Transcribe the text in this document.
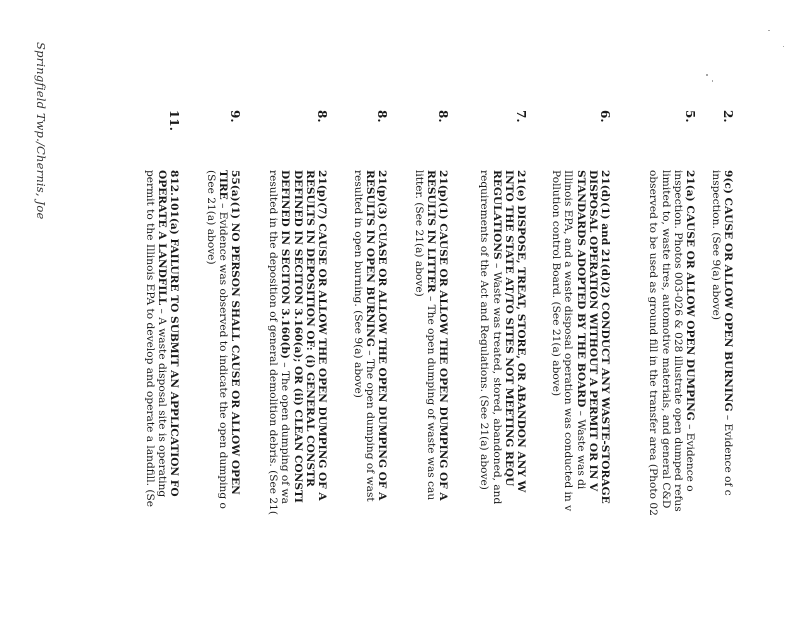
Springfield Twp./Chernis, Joe	2.
9(c) CAUSE OR ALLOW OPEN BURNING – Evidence of c
inspection. (See 9(a) above)
5.
21(a) CAUSE OR ALLOW OPEN DUMPING – Evidence o
inspection. Photos 003-026 & 028 illustrate open dumped refus
limited to, waste tires, automotive materials, and general C&D
observed to be used as ground fill in the transfer area (Photo 02
6.
21(d)(1) and 21(d)(2) CONDUCT ANY WASTE-STORAGE
DISPOSAL OPERATION WITHOUT A PERMIT OR IN V
STANDARDS ADOPTED BY THE BOARD – Waste was di
Illinois EPA, and a waste disposal operation was conducted in v
Pollution control Board. (See 21(a) above)
7.
21(e) DISPOSE, TREAT, STORE, OR ABANDON ANY W
INTO THE STATE AT/TO SITES NOT MEETING REQU
REGULATIONS – Waste was treated, stored, abandoned, and
requirements of the Act and Regulations. (See 21(a) above)
8.
21(p)(1) CAUSE OR ALLOW THE OPEN DUMPING OF A
RESULTS IN LITTER – The open dumping of waste was cau
litter. (See 21(a) above)
8.
21(p)(3) CUASE OR ALLOW THE OPEN DUMPING OF A
RESULTS IN OPEN BURNING – The open dumping of wast
resulted in open burning. (See 9(a) above)
8.
21(p)(7) CAUSE OR ALLOW THE OPEN DUMPING OF A
RESULTS IN DEPOSITION OF: (i) GENERAL CONSTR
DEFINED IN SECITON 3.160(a); OR (ii) CLEAN CONSTI
DEFINED IN SECITON 3.160(b) – The open dumping of wa
resulted in the deposition of general demolition debris. (See 21(
9.
55(a)(1) NO PERSON SHALL CAUSE OR ALLOW OPEN
TIRE – Evidence was observed to indicate the open dumping o
(See 21(a) above)
11.
812.101(a) FAILURE TO SUBMIT AN APPLICATION FO
OPERATE A LANDFILL – A waste disposal site is operating
permit to the Illinois EPA to develop and operate a landfill. (Se
